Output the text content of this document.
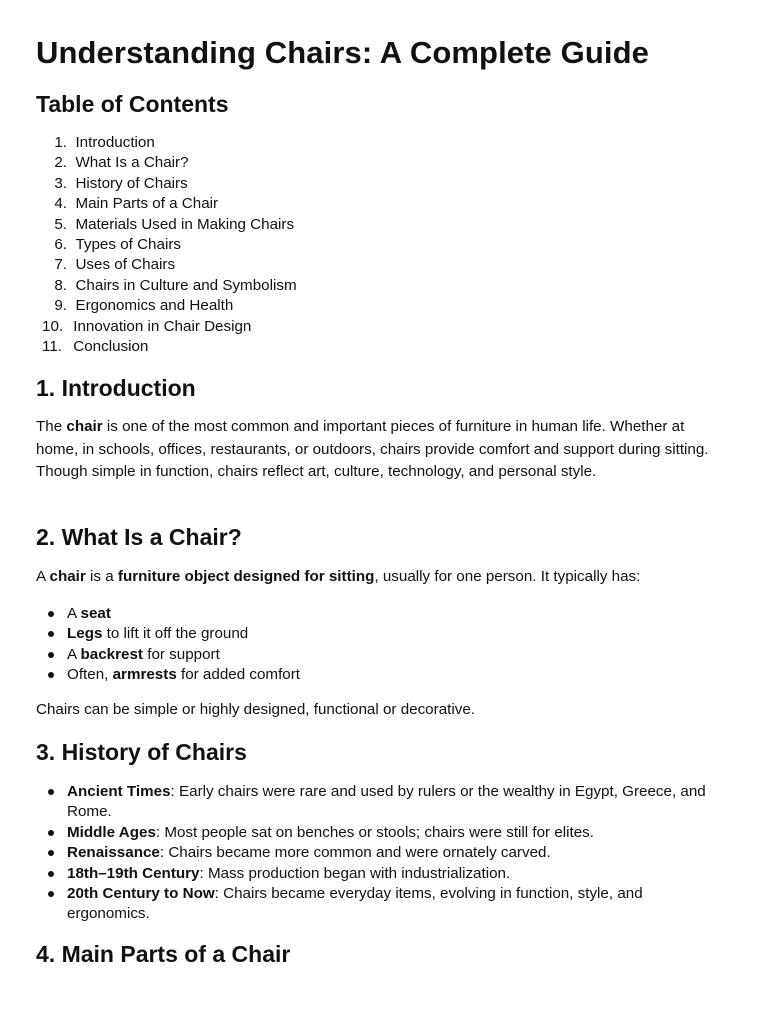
Understanding Chairs: A Complete Guide
Table of Contents
1. Introduction
2. What Is a Chair?
3. History of Chairs
4. Main Parts of a Chair
5. Materials Used in Making Chairs
6. Types of Chairs
7. Uses of Chairs
8. Chairs in Culture and Symbolism
9. Ergonomics and Health
10. Innovation in Chair Design
11. Conclusion
1. Introduction

The chair is one of the most common and important pieces of furniture in human life. Whether at home, in schools, offices, restaurants, or outdoors, chairs provide comfort and support during sitting. Though simple in function, chairs reflect art, culture, technology, and personal style.

2. What Is a Chair?

A chair is a furniture object designed for sitting, usually for one person. It typically has:

A seat
Legs to lift it off the ground
A backrest for support
Often, armrests for added comfort

Chairs can be simple or highly designed, functional or decorative.

3. History of Chairs
Ancient Times: Early chairs were rare and used by rulers or the wealthy in Egypt, Greece, and Rome.
Middle Ages: Most people sat on benches or stools; chairs were still for elites.
Renaissance: Chairs became more common and were ornately carved.
18th–19th Century: Mass production began with industrialization.
20th Century to Now: Chairs became everyday items, evolving in function, style, and ergonomics.
4. Main Parts of a Chair
